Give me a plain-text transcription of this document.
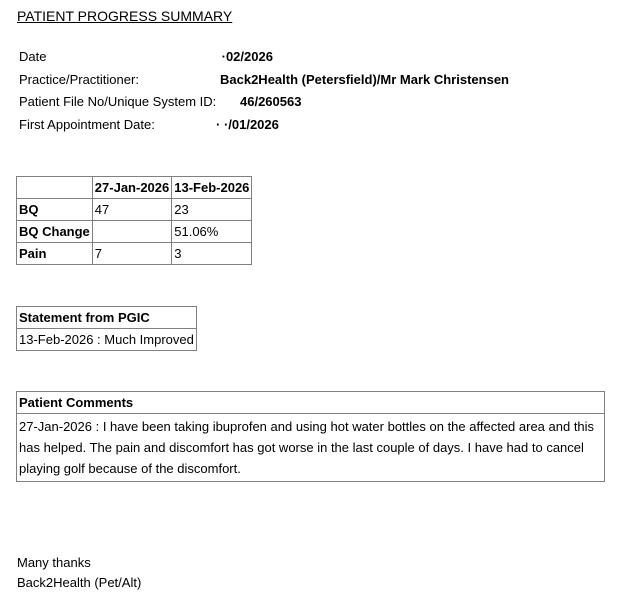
PATIENT PROGRESS SUMMARY
Date	·02/2026
Practice/Practitioner:	Back2Health (Petersfield)/Mr Mark Christensen
Patient File No/Unique System ID: 46/260563
First Appointment Date:	· ·/01/2026
	27-Jan-2026	13-Feb-2026
BQ	47	23
BQ Change		51.06%
Pain	7	3
Statement from PGIC
13-Feb-2026 : Much Improved
Patient Comments
27-Jan-2026 : I have been taking ibuprofen and using hot water bottles on the affected area and this has helped. The pain and discomfort has got worse in the last couple of days. I have had to cancel playing golf because of the discomfort.
Many thanks
Back2Health (Pet/Alt)
